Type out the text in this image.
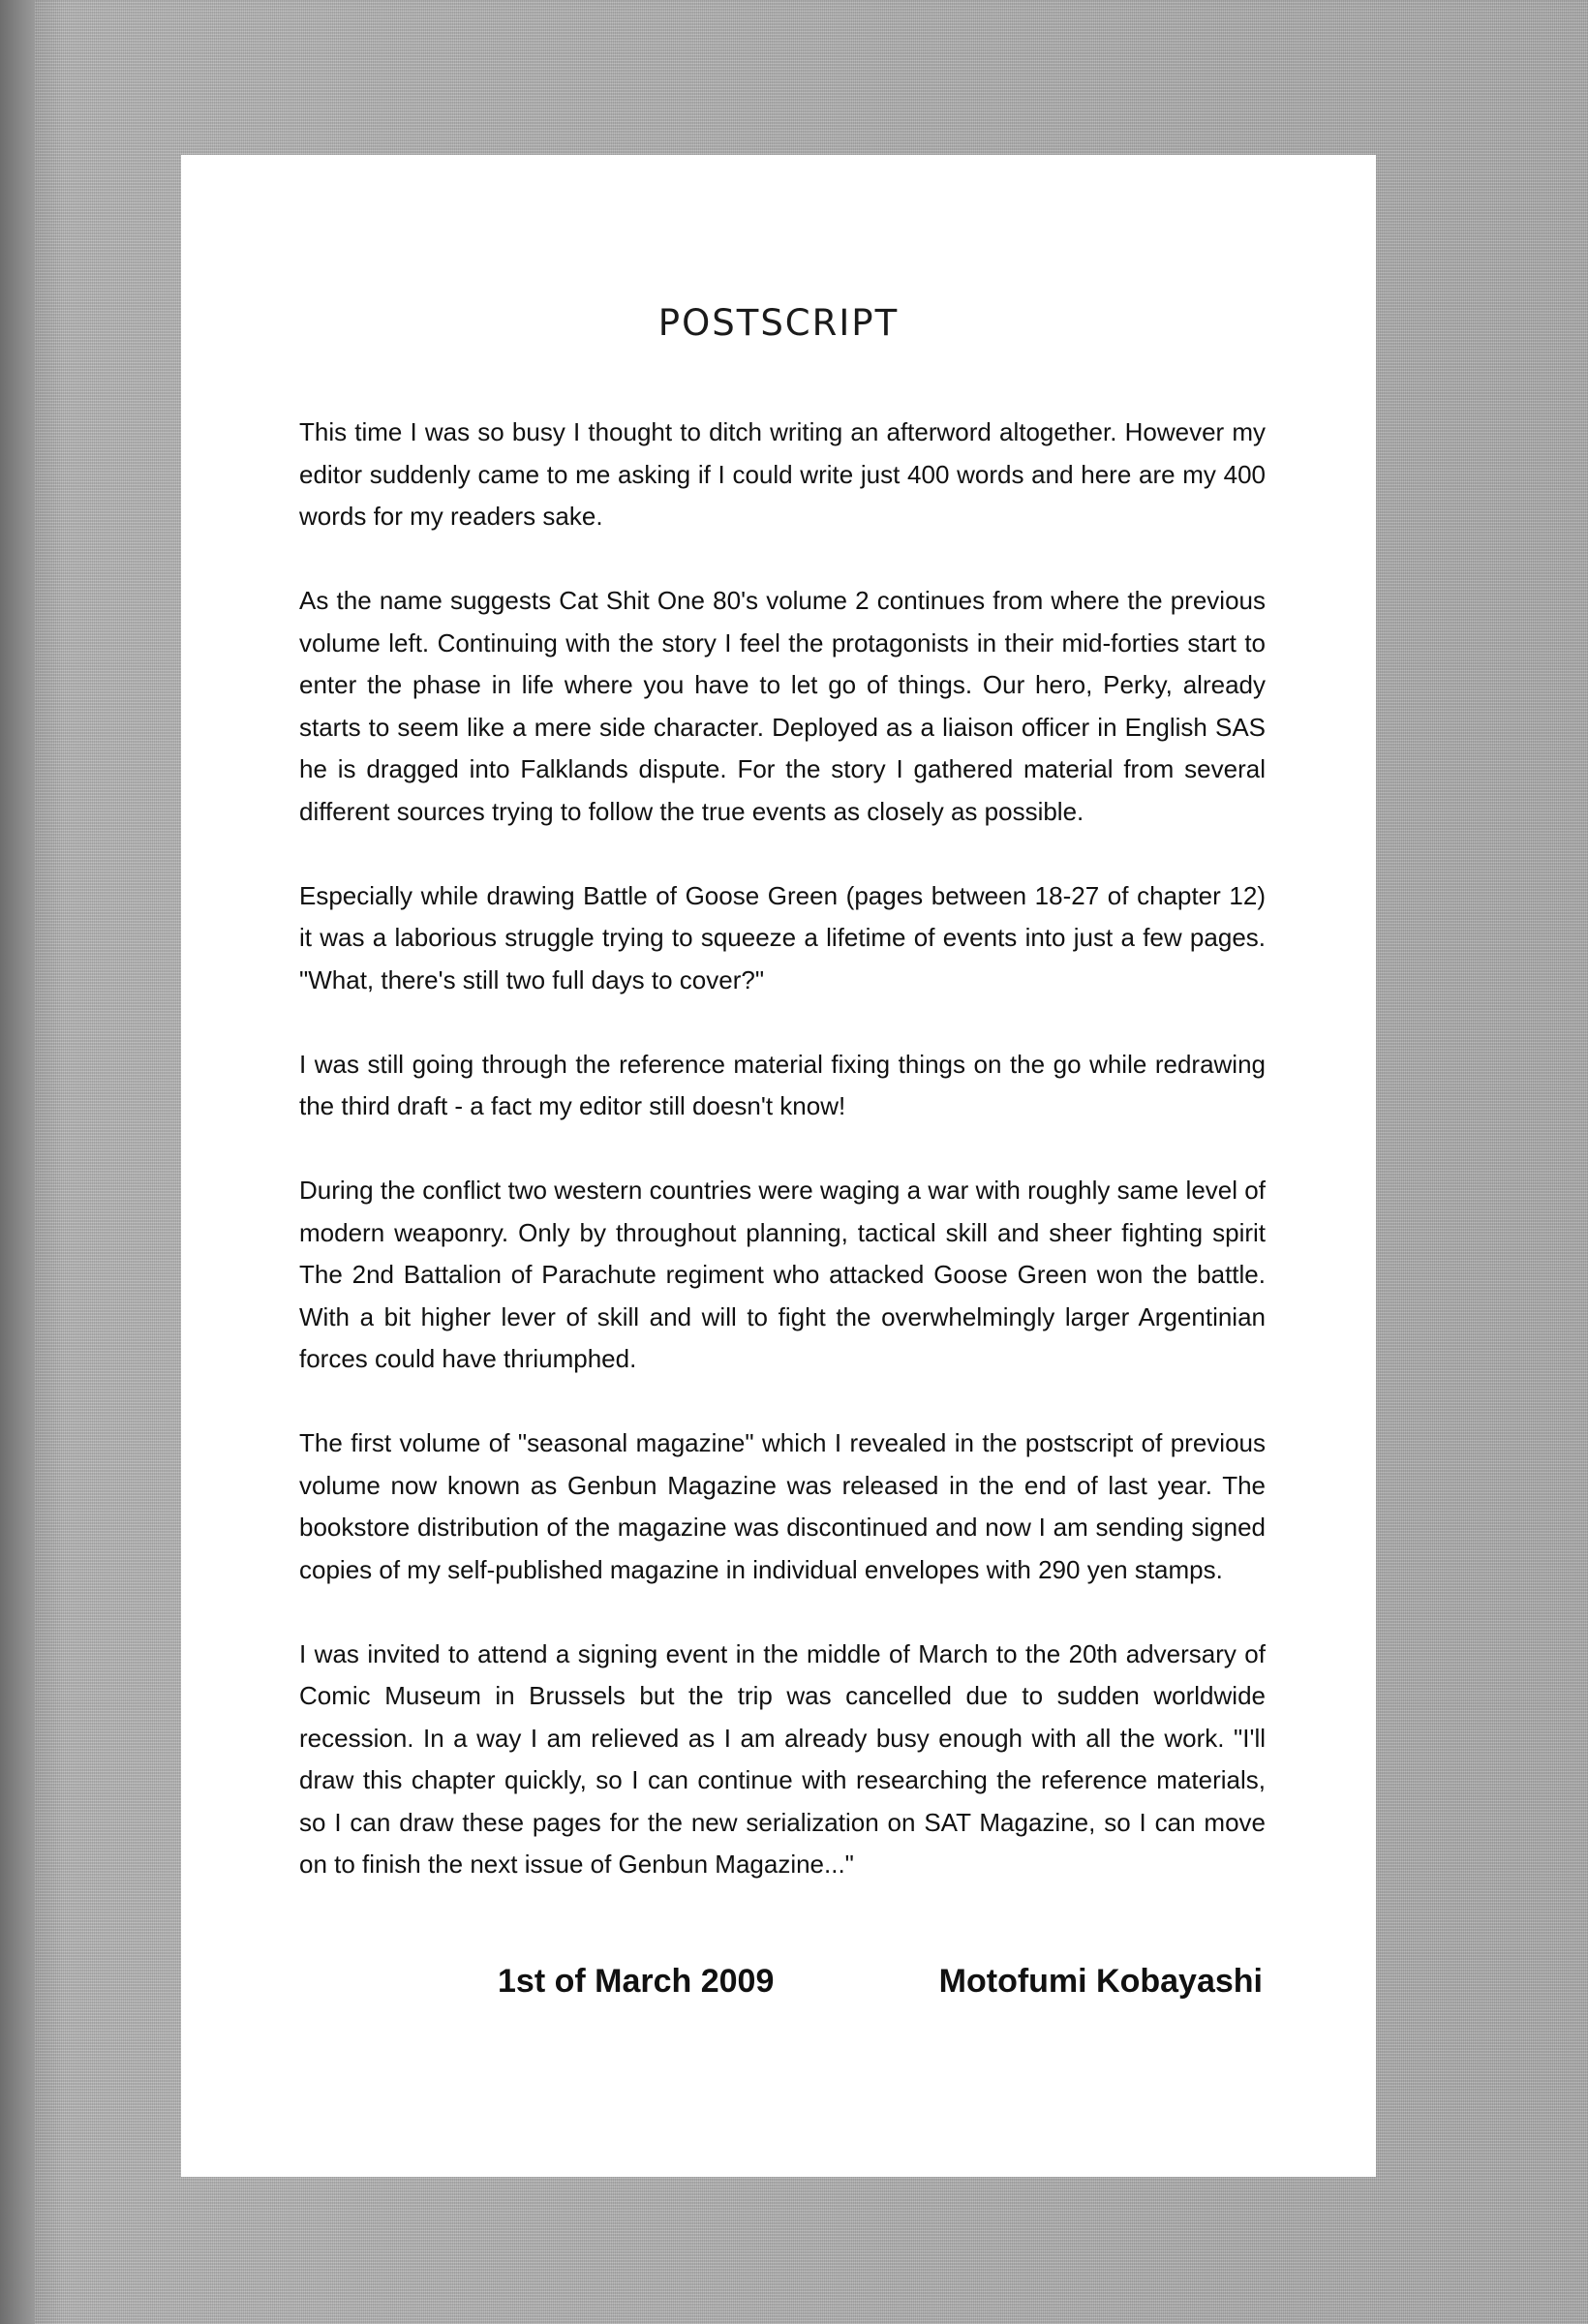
POSTSCRIPT

This time I was so busy I thought to ditch writing an afterword altogether. However my editor suddenly came to me asking if I could write just 400 words and here are my 400 words for my readers sake.

As the name suggests Cat Shit One 80's volume 2 continues from where the previous volume left. Continuing with the story I feel the protagonists in their mid-forties start to enter the phase in life where you have to let go of things. Our hero, Perky, already starts to seem like a mere side character. Deployed as a liaison officer in English SAS he is dragged into Falklands dispute. For the story I gathered material from several different sources trying to follow the true events as closely as possible.

Especially while drawing Battle of Goose Green (pages between 18-27 of chapter 12) it was a laborious struggle trying to squeeze a lifetime of events into just a few pages. "What, there's still two full days to cover?"

I was still going through the reference material fixing things on the go while redrawing the third draft - a fact my editor still doesn't know!

During the conflict two western countries were waging a war with roughly same level of modern weaponry. Only by throughout planning, tactical skill and sheer fighting spirit The 2nd Battalion of Parachute regiment who attacked Goose Green won the battle. With a bit higher lever of skill and will to fight the overwhelmingly larger Argentinian forces could have thriumphed.

The first volume of "seasonal magazine" which I revealed in the postscript of previous volume now known as Genbun Magazine was released in the end of last year. The bookstore distribution of the magazine was discontinued and now I am sending signed copies of my self-published magazine in individual envelopes with 290 yen stamps.

I was invited to attend a signing event in the middle of March to the 20th adversary of Comic Museum in Brussels but the trip was cancelled due to sudden worldwide recession. In a way I am relieved as I am already busy enough with all the work. "I'll draw this chapter quickly, so I can continue with researching the reference materials, so I can draw these pages for the new serialization on SAT Magazine, so I can move on to finish the next issue of Genbun Magazine..."

1st of March 2009	Motofumi Kobayashi
